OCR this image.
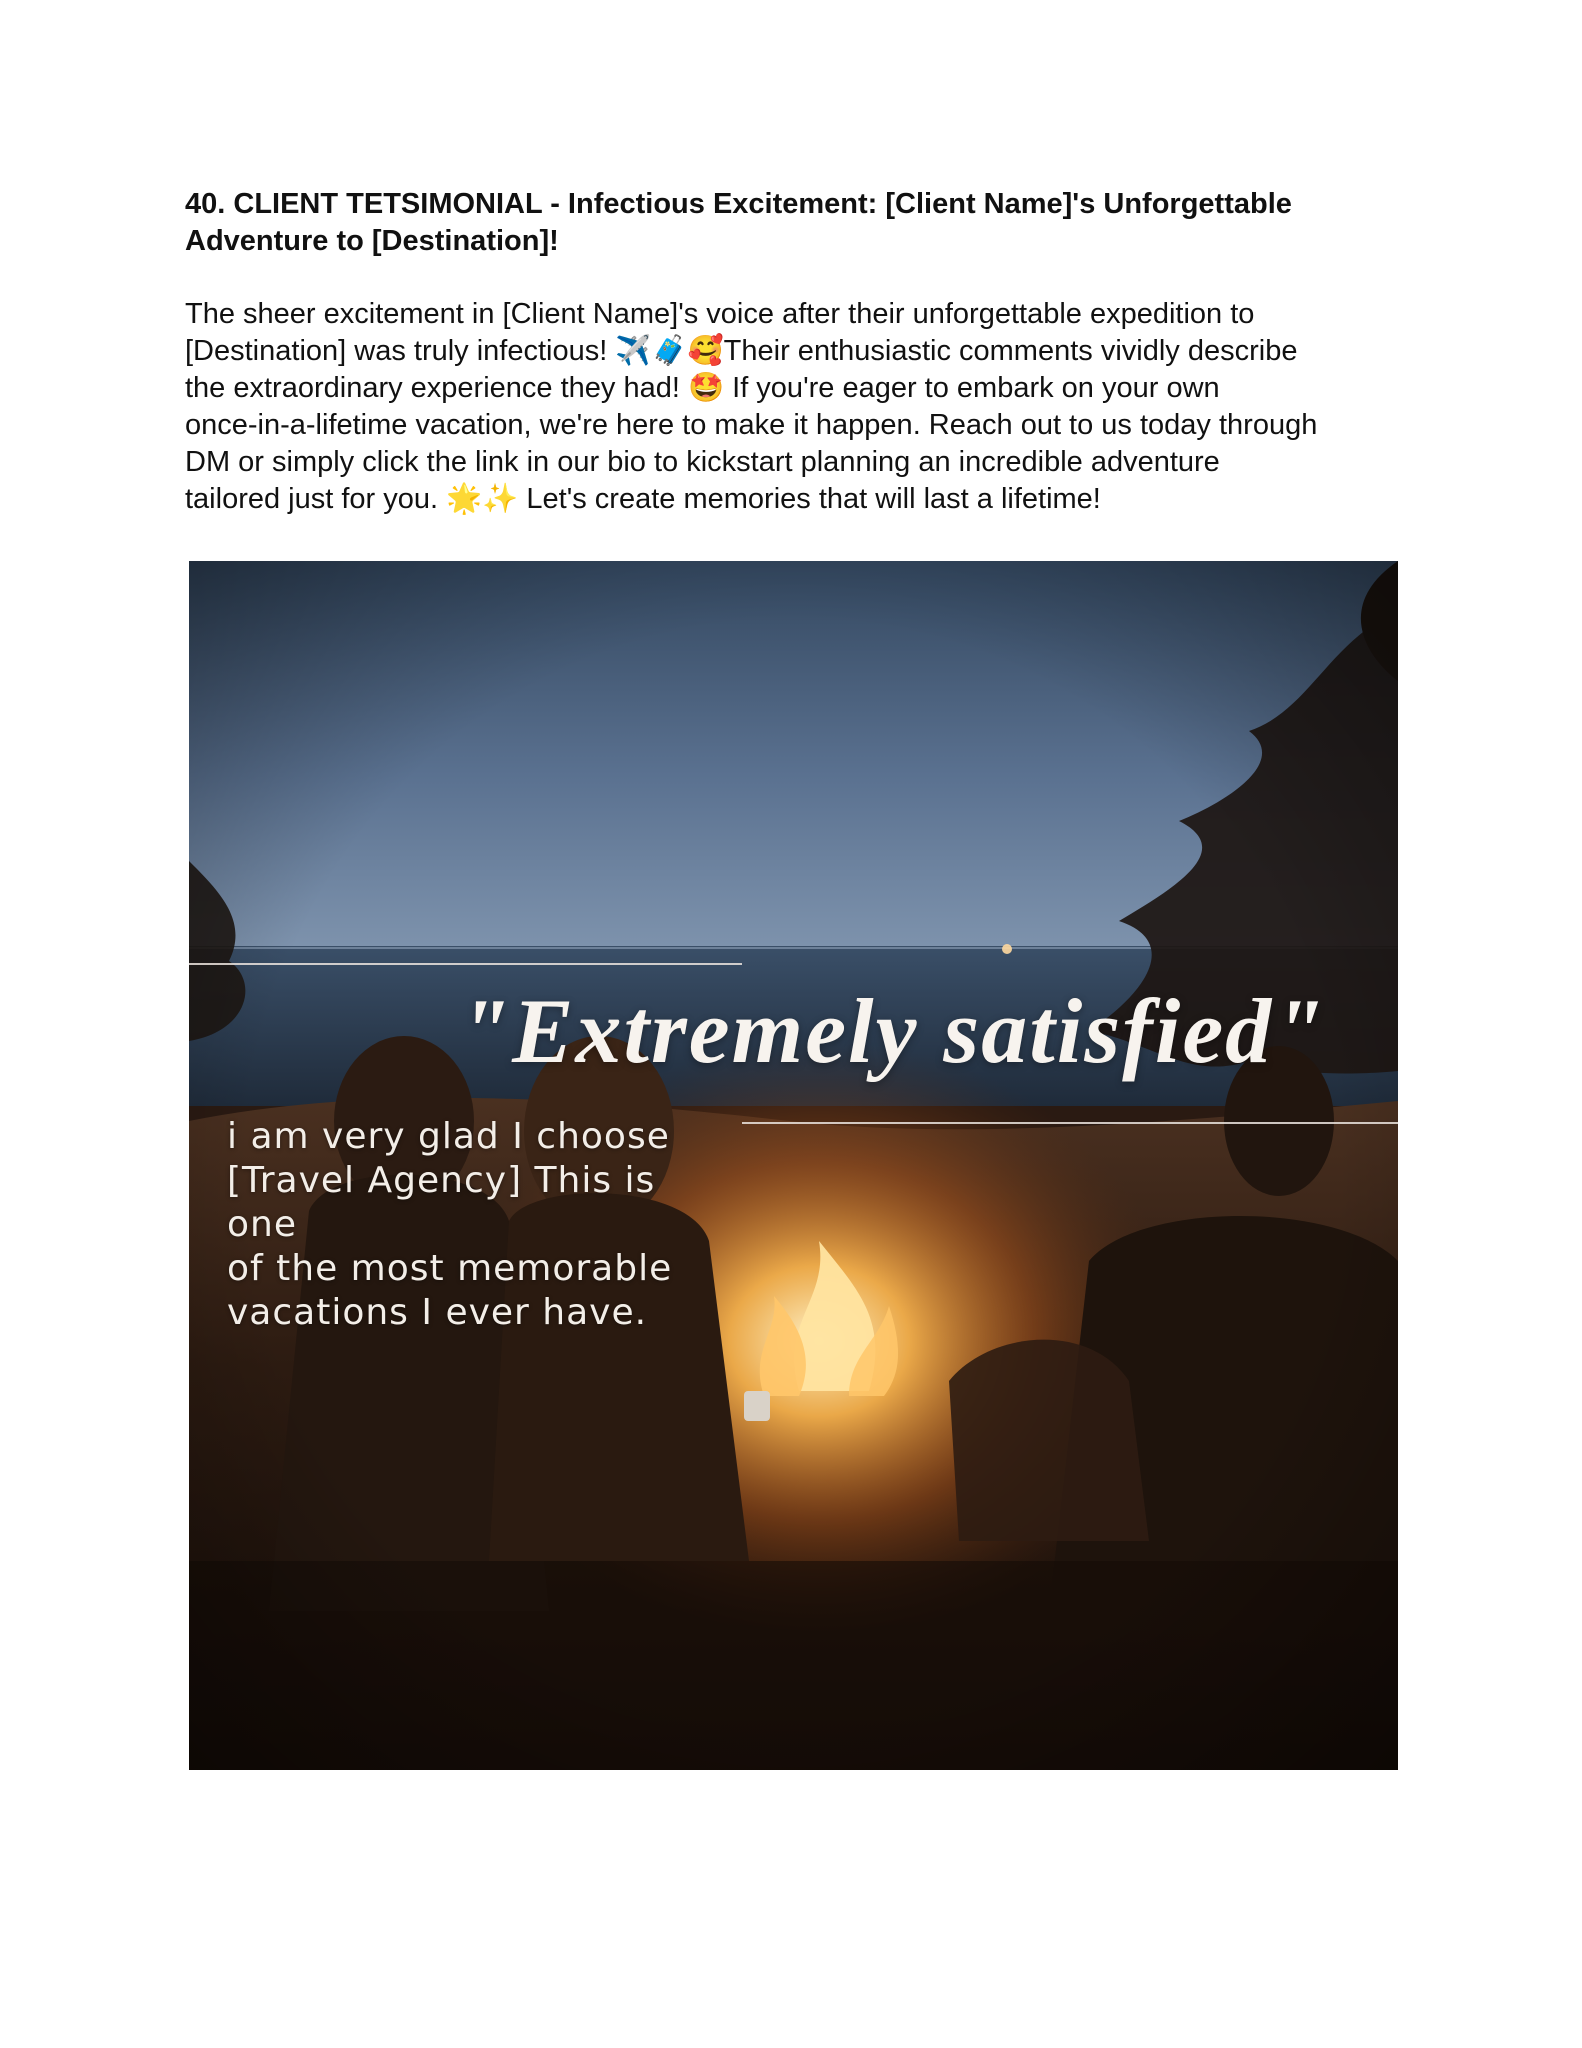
40. CLIENT TETSIMONIAL - Infectious Excitement: [Client Name]'s Unforgettable Adventure to [Destination]!

The sheer excitement in [Client Name]'s voice after their unforgettable expedition to
[Destination] was truly infectious! ✈️🧳🥰Their enthusiastic comments vividly describe
the extraordinary experience they had! 🤩 If you're eager to embark on your own
once-in-a-lifetime vacation, we're here to make it happen. Reach out to us today through
DM or simply click the link in our bio to kickstart planning an incredible adventure
tailored just for you. 🌟✨ Let's create memories that will last a lifetime!

"Extremely satisfied"
i am very glad I choose
[Travel Agency] This is one
of the most memorable
vacations I ever have.
